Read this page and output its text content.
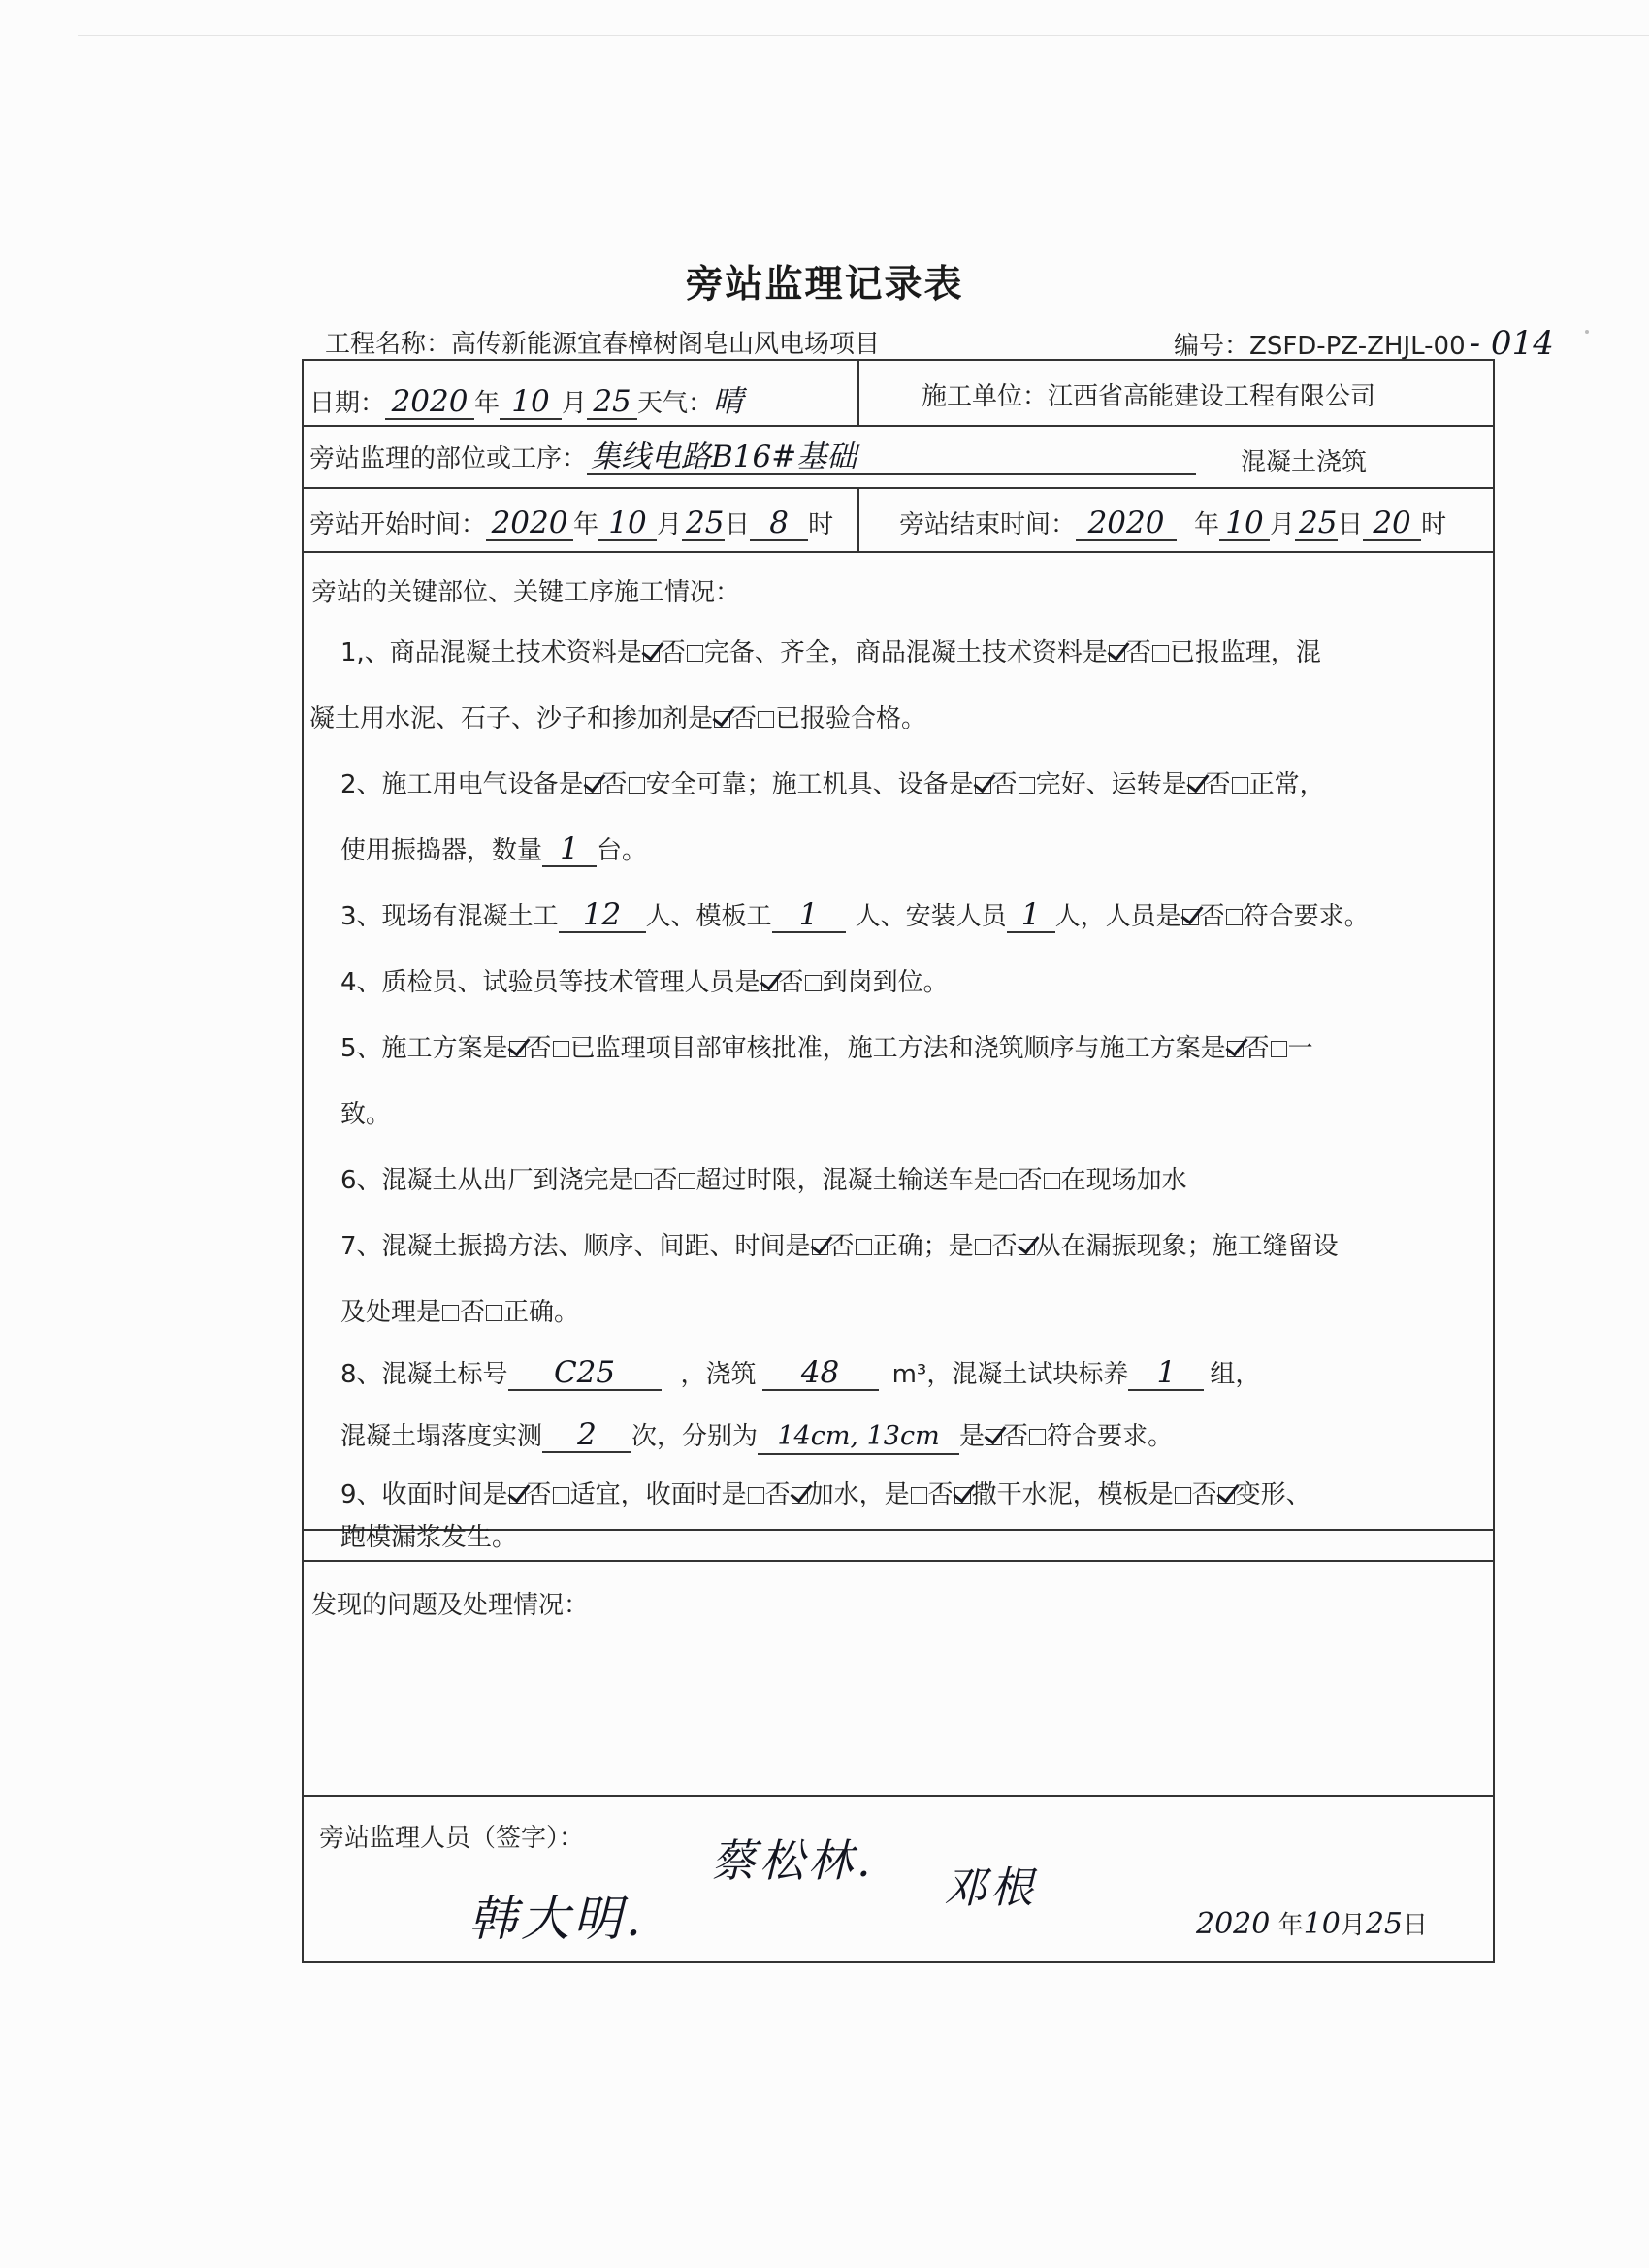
旁站监理记录表
工程名称：高传新能源宜春樟树阁皂山风电场项目	编号：ZSFD-PZ-ZHJL-00 - 014
日期： 2020 年 10 月 25 天气：晴	施工单位：江西省高能建设工程有限公司
旁站监理的部位或工序： 集线电路B16#基础	混凝土浇筑
旁站开始时间： 2020 年 10 月 25日 8 时	旁站结束时间： 2020 年 10 月 25日 20 时
旁站的关键部位、关键工序施工情况：
1,、商品混凝土技术资料是 否 完备、齐全，商品混凝土技术资料是 否 已报监理，混
凝土用水泥、石子、沙子和掺加剂是 否 已报验合格。
2、施工用电气设备是 否 安全可靠；施工机具、设备是 否 完好、运转是 否 正常，
使用振捣器，数量 1 台。
3、现场有混凝土工 12 人、模板工 1 人、安装人员 1 人，人员是 否 符合要求。
4、质检员、试验员等技术管理人员是 否 到岗到位。
5、施工方案是 否 已监理项目部审核批准，施工方法和浇筑顺序与施工方案是 否 一
致。
6、混凝土从出厂到浇完是 否 超过时限，混凝土输送车是 否 在现场加水
7、混凝土振捣方法、顺序、间距、时间是 否 正确；是 否 从在漏振现象；施工缝留设
及处理是 否 正确。
8、混凝土标号 C25	，浇筑 48 m³，混凝土试块标养 1 组，
混凝土塌落度实测 2 次，分别为 14cm, 13cm 是 否 符合要求。
9、收面时间是 否 适宜，收面时是 否 加水，是 否 撒干水泥，模板是 否 变形、
跑模漏浆发生。
发现的问题及处理情况：
旁站监理人员（签字）：
韩大明.
蔡松林.
邓根
2020 年10月25日
